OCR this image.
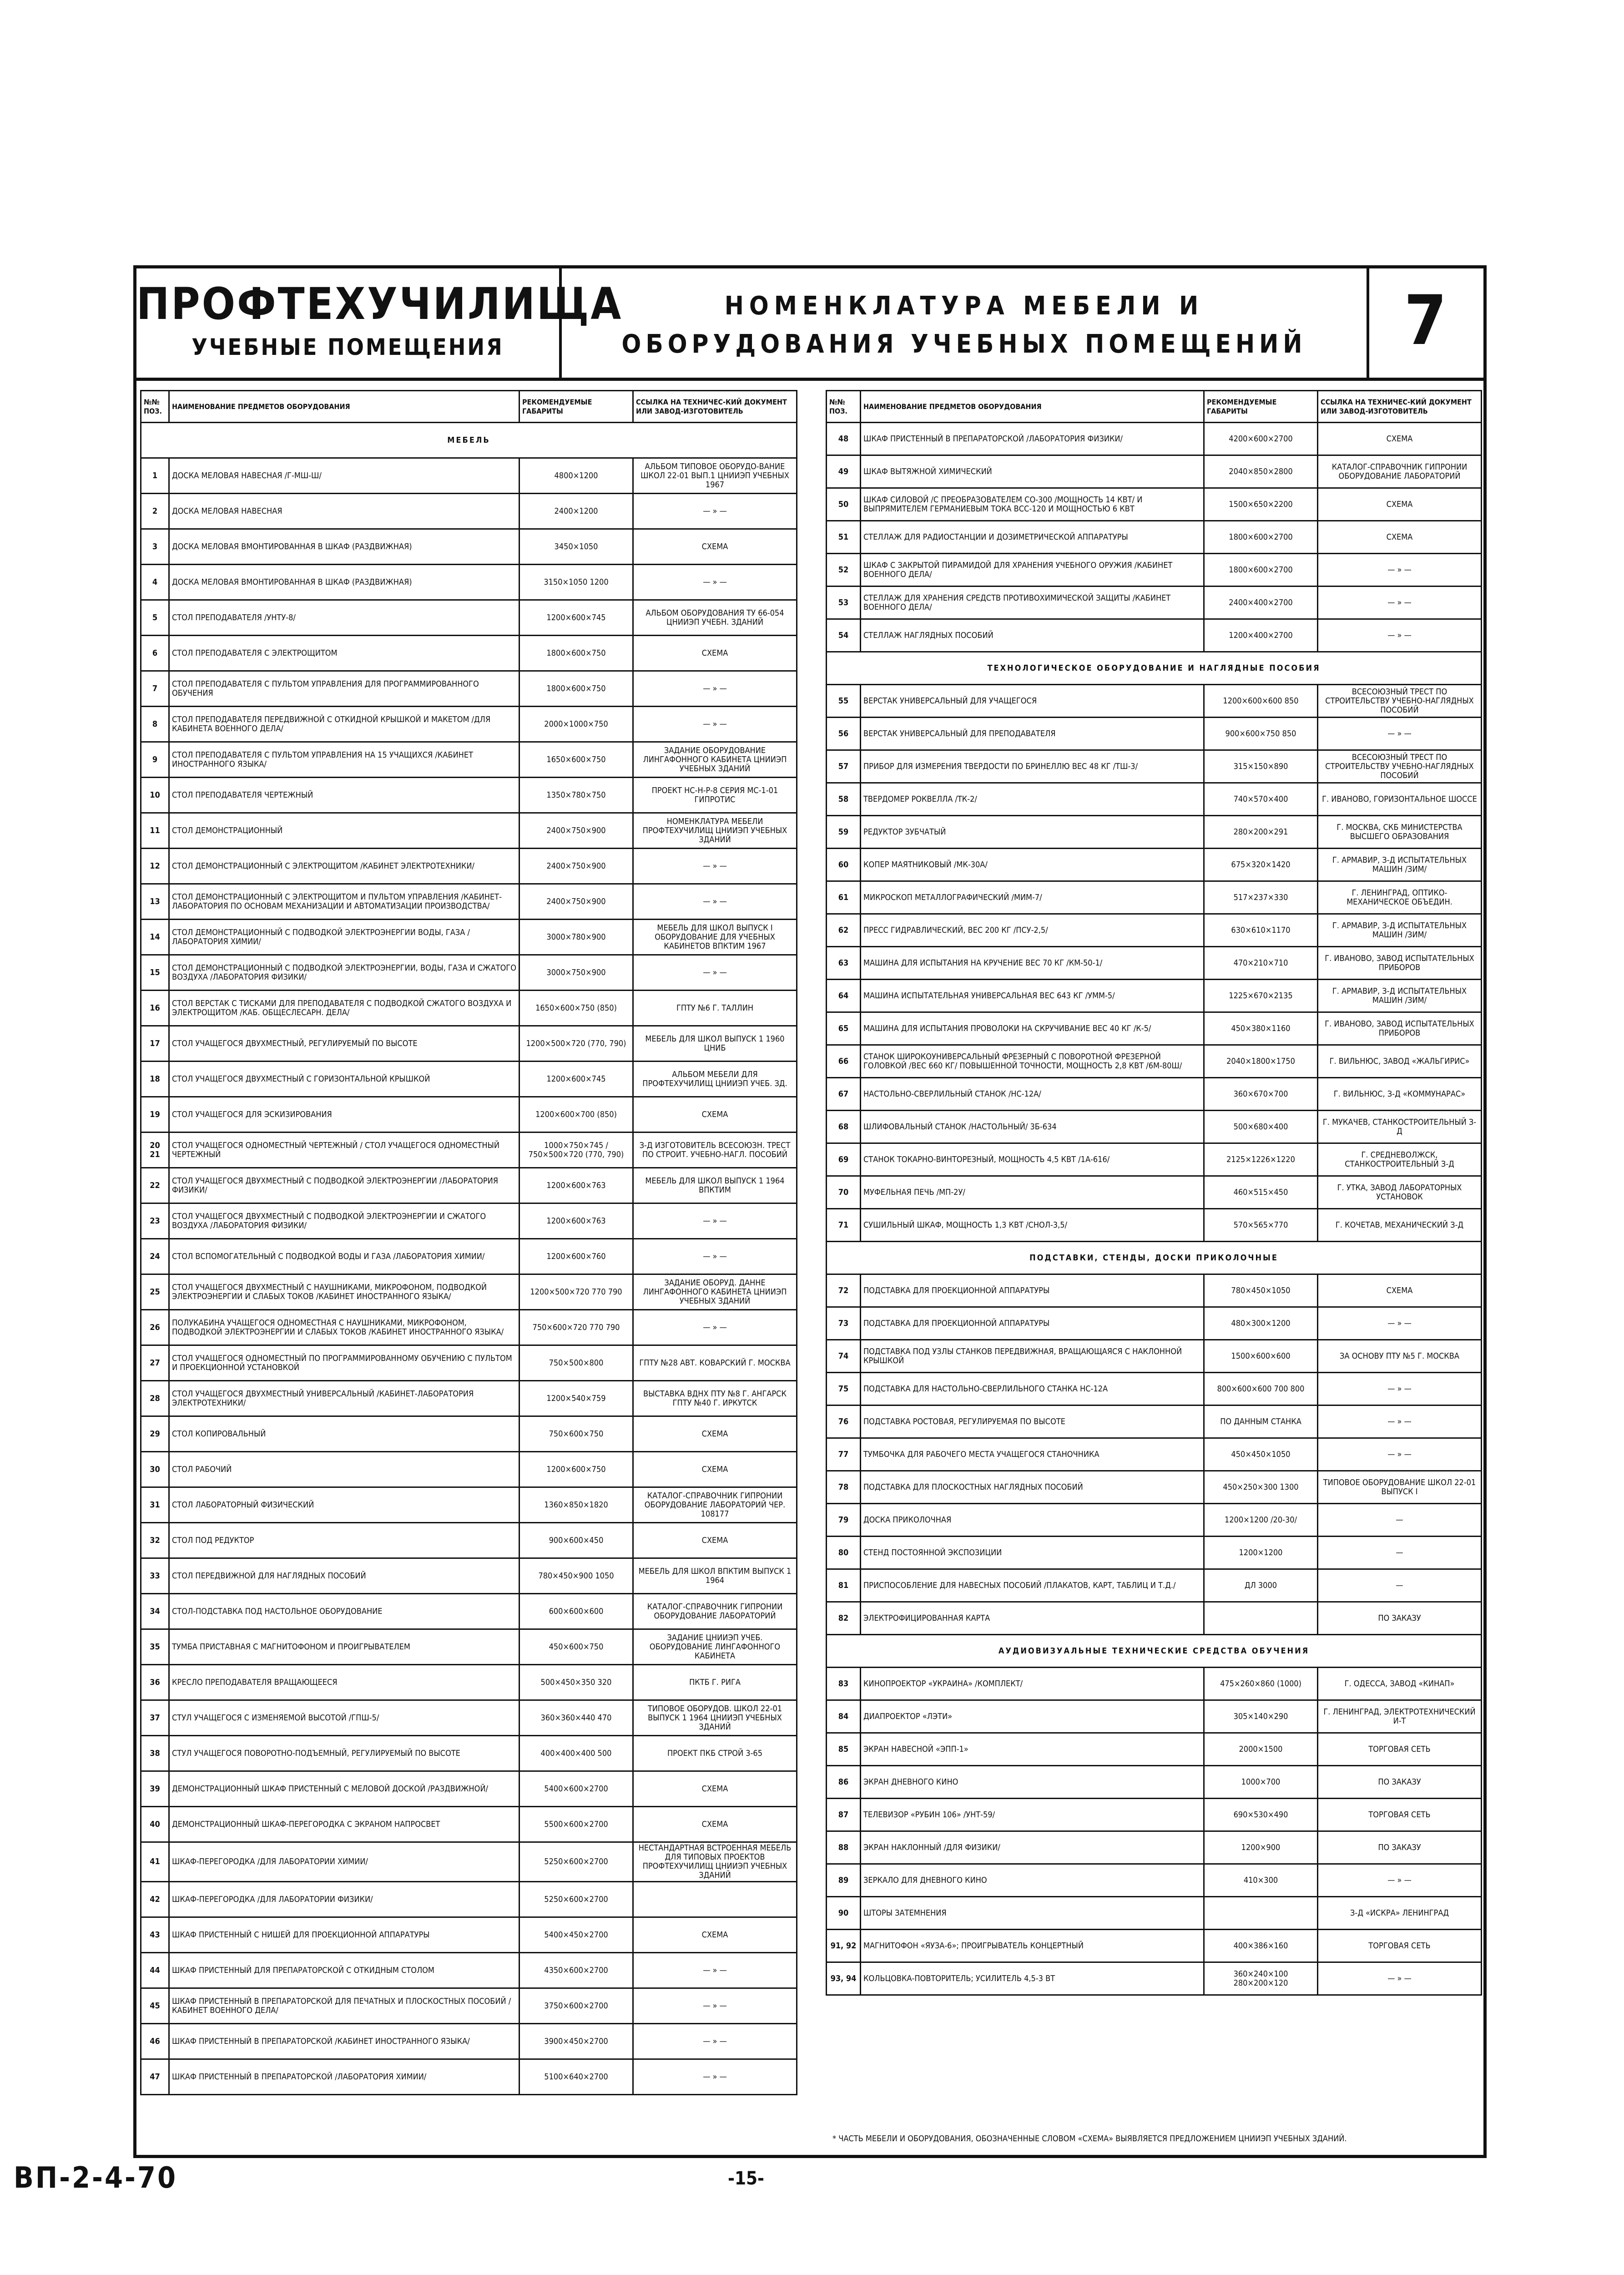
ПРОФТЕХУЧИЛИЩА
УЧЕБНЫЕ ПОМЕЩЕНИЯ
НОМЕНКЛАТУРА МЕБЕЛИ И
ОБОРУДОВАНИЯ УЧЕБНЫХ ПОМЕЩЕНИЙ	7
№№ ПОЗ.	НАИМЕНОВАНИЕ ПРЕДМЕТОВ ОБОРУДОВАНИЯ	РЕКОМЕНДУЕМЫЕ ГАБАРИТЫ	ССЫЛКА НА ТЕХНИЧЕС-КИЙ ДОКУМЕНТ ИЛИ ЗАВОД-ИЗГОТОВИТЕЛЬ
МЕБЕЛЬ			
1	ДОСКА МЕЛОВАЯ НАВЕСНАЯ /Г-МШ-Ш/	4800×1200	АЛЬБОМ ТИПОВОЕ ОБОРУДО-ВАНИЕ ШКОЛ 22-01 ВЫП.1 ЦНИИЭП УЧЕБНЫХ 1967
2	ДОСКА МЕЛОВАЯ НАВЕСНАЯ	2400×1200	— » —
3	ДОСКА МЕЛОВАЯ ВМОНТИРОВАННАЯ В ШКАФ (РАЗДВИЖНАЯ)	3450×1050	СХЕМА
4	ДОСКА МЕЛОВАЯ ВМОНТИРОВАННАЯ В ШКАФ (РАЗДВИЖНАЯ)	3150×1050 1200	— » —
5	СТОЛ ПРЕПОДАВАТЕЛЯ /УНТУ-8/	1200×600×745	АЛЬБОМ ОБОРУДОВАНИЯ ТУ 66-054 ЦНИИЭП УЧЕБН. ЗДАНИЙ
6	СТОЛ ПРЕПОДАВАТЕЛЯ С ЭЛЕКТРОЩИТОМ	1800×600×750	СХЕМА
7	СТОЛ ПРЕПОДАВАТЕЛЯ С ПУЛЬТОМ УПРАВЛЕНИЯ ДЛЯ ПРОГРАММИРОВАННОГО ОБУЧЕНИЯ	1800×600×750	— » —
8	СТОЛ ПРЕПОДАВАТЕЛЯ ПЕРЕДВИЖНОЙ С ОТКИДНОЙ КРЫШКОЙ И МАКЕТОМ /ДЛЯ КАБИНЕТА ВОЕННОГО ДЕЛА/	2000×1000×750	— » —
9	СТОЛ ПРЕПОДАВАТЕЛЯ С ПУЛЬТОМ УПРАВЛЕНИЯ НА 15 УЧАЩИХСЯ /КАБИНЕТ ИНОСТРАННОГО ЯЗЫКА/	1650×600×750	ЗАДАНИЕ ОБОРУДОВАНИЕ ЛИНГАФОННОГО КАБИНЕТА ЦНИИЭП УЧЕБНЫХ ЗДАНИЙ
10	СТОЛ ПРЕПОДАВАТЕЛЯ ЧЕРТЕЖНЫЙ	1350×780×750	ПРОЕКТ НС-Н-Р-8 СЕРИЯ МС-1-01 ГИПРОТИС
11	СТОЛ ДЕМОНСТРАЦИОННЫЙ	2400×750×900	НОМЕНКЛАТУРА МЕБЕЛИ ПРОФТЕХУЧИЛИЩ ЦНИИЭП УЧЕБНЫХ ЗДАНИЙ
12	СТОЛ ДЕМОНСТРАЦИОННЫЙ С ЭЛЕКТРОЩИТОМ /КАБИНЕТ ЭЛЕКТРОТЕХНИКИ/	2400×750×900	— » —
13	СТОЛ ДЕМОНСТРАЦИОННЫЙ С ЭЛЕКТРОЩИТОМ И ПУЛЬТОМ УПРАВЛЕНИЯ /КАБИНЕТ-ЛАБОРАТОРИЯ ПО ОСНОВАМ МЕХАНИЗАЦИИ И АВТОМАТИЗАЦИИ ПРОИЗВОДСТВА/	2400×750×900	— » —
14	СТОЛ ДЕМОНСТРАЦИОННЫЙ С ПОДВОДКОЙ ЭЛЕКТРОЭНЕРГИИ ВОДЫ, ГАЗА /ЛАБОРАТОРИЯ ХИМИИ/	3000×780×900	МЕБЕЛЬ ДЛЯ ШКОЛ ВЫПУСК I ОБОРУДОВАНИЕ ДЛЯ УЧЕБНЫХ КАБИНЕТОВ ВПКТИМ 1967
15	СТОЛ ДЕМОНСТРАЦИОННЫЙ С ПОДВОДКОЙ ЭЛЕКТРОЭНЕРГИИ, ВОДЫ, ГАЗА И СЖАТОГО ВОЗДУХА /ЛАБОРАТОРИЯ ФИЗИКИ/	3000×750×900	— » —
16	СТОЛ ВЕРСТАК С ТИСКАМИ ДЛЯ ПРЕПОДАВАТЕЛЯ С ПОДВОДКОЙ СЖАТОГО ВОЗДУХА И ЭЛЕКТРОЩИТОМ /КАБ. ОБЩЕСЛЕСАРН. ДЕЛА/	1650×600×750 (850)	ГПТУ №6 Г. ТАЛЛИН
17	СТОЛ УЧАЩЕГОСЯ ДВУХМЕСТНЫЙ, РЕГУЛИРУЕМЫЙ ПО ВЫСОТЕ	1200×500×720 (770, 790)	МЕБЕЛЬ ДЛЯ ШКОЛ ВЫПУСК 1 1960 ЦНИБ
18	СТОЛ УЧАЩЕГОСЯ ДВУХМЕСТНЫЙ С ГОРИЗОНТАЛЬНОЙ КРЫШКОЙ	1200×600×745	АЛЬБОМ МЕБЕЛИ ДЛЯ ПРОФТЕХУЧИЛИЩ ЦНИИЭП УЧЕБ. ЗД.
19	СТОЛ УЧАЩЕГОСЯ ДЛЯ ЭСКИЗИРОВАНИЯ	1200×600×700 (850)	СХЕМА
20 21	СТОЛ УЧАЩЕГОСЯ ОДНОМЕСТНЫЙ ЧЕРТЕЖНЫЙ / СТОЛ УЧАЩЕГОСЯ ОДНОМЕСТНЫЙ ЧЕРТЕЖНЫЙ	1000×750×745 / 750×500×720 (770, 790)	З-Д ИЗГОТОВИТЕЛЬ ВСЕСОЮЗН. ТРЕСТ ПО СТРОИТ. УЧЕБНО-НАГЛ. ПОСОБИЙ
22	СТОЛ УЧАЩЕГОСЯ ДВУХМЕСТНЫЙ С ПОДВОДКОЙ ЭЛЕКТРОЭНЕРГИИ /ЛАБОРАТОРИЯ ФИЗИКИ/	1200×600×763	МЕБЕЛЬ ДЛЯ ШКОЛ ВЫПУСК 1 1964 ВПКТИМ
23	СТОЛ УЧАЩЕГОСЯ ДВУХМЕСТНЫЙ С ПОДВОДКОЙ ЭЛЕКТРОЭНЕРГИИ И СЖАТОГО ВОЗДУХА /ЛАБОРАТОРИЯ ФИЗИКИ/	1200×600×763	— » —
24	СТОЛ ВСПОМОГАТЕЛЬНЫЙ С ПОДВОДКОЙ ВОДЫ И ГАЗА /ЛАБОРАТОРИЯ ХИМИИ/	1200×600×760	— » —
25	СТОЛ УЧАЩЕГОСЯ ДВУХМЕСТНЫЙ С НАУШНИКАМИ, МИКРОФОНОМ, ПОДВОДКОЙ ЭЛЕКТРОЭНЕРГИИ И СЛАБЫХ ТОКОВ /КАБИНЕТ ИНОСТРАННОГО ЯЗЫКА/	1200×500×720 770 790	ЗАДАНИЕ ОБОРУД. ДАННЕ ЛИНГАФОННОГО КАБИНЕТА ЦНИИЭП УЧЕБНЫХ ЗДАНИЙ
26	ПОЛУКАБИНА УЧАЩЕГОСЯ ОДНОМЕСТНАЯ С НАУШНИКАМИ, МИКРОФОНОМ, ПОДВОДКОЙ ЭЛЕКТРОЭНЕРГИИ И СЛАБЫХ ТОКОВ /КАБИНЕТ ИНОСТРАННОГО ЯЗЫКА/	750×600×720 770 790	— » —
27	СТОЛ УЧАЩЕГОСЯ ОДНОМЕСТНЫЙ ПО ПРОГРАММИРОВАННОМУ ОБУЧЕНИЮ С ПУЛЬТОМ И ПРОЕКЦИОННОЙ УСТАНОВКОЙ	750×500×800	ГПТУ №28 АВТ. КОВАРСКИЙ Г. МОСКВА
28	СТОЛ УЧАЩЕГОСЯ ДВУХМЕСТНЫЙ УНИВЕРСАЛЬНЫЙ /КАБИНЕТ-ЛАБОРАТОРИЯ ЭЛЕКТРОТЕХНИКИ/	1200×540×759	ВЫСТАВКА ВДНХ ПТУ №8 Г. АНГАРСК ГПТУ №40 Г. ИРКУТСК
29	СТОЛ КОПИРОВАЛЬНЫЙ	750×600×750	СХЕМА
30	СТОЛ РАБОЧИЙ	1200×600×750	СХЕМА
31	СТОЛ ЛАБОРАТОРНЫЙ ФИЗИЧЕСКИЙ	1360×850×1820	КАТАЛОГ-СПРАВОЧНИК ГИПРОНИИ ОБОРУДОВАНИЕ ЛАБОРАТОРИЙ ЧЕР. 108177
32	СТОЛ ПОД РЕДУКТОР	900×600×450	СХЕМА
33	СТОЛ ПЕРЕДВИЖНОЙ ДЛЯ НАГЛЯДНЫХ ПОСОБИЙ	780×450×900 1050	МЕБЕЛЬ ДЛЯ ШКОЛ ВПКТИМ ВЫПУСК 1 1964
34	СТОЛ-ПОДСТАВКА ПОД НАСТОЛЬНОЕ ОБОРУДОВАНИЕ	600×600×600	КАТАЛОГ-СПРАВОЧНИК ГИПРОНИИ ОБОРУДОВАНИЕ ЛАБОРАТОРИЙ
35	ТУМБА ПРИСТАВНАЯ С МАГНИТОФОНОМ И ПРОИГРЫВАТЕЛЕМ	450×600×750	ЗАДАНИЕ ЦНИИЭП УЧЕБ. ОБОРУДОВАНИЕ ЛИНГАФОННОГО КАБИНЕТА
36	КРЕСЛО ПРЕПОДАВАТЕЛЯ ВРАЩАЮЩЕЕСЯ	500×450×350 320	ПКТБ Г. РИГА
37	СТУЛ УЧАЩЕГОСЯ С ИЗМЕНЯЕМОЙ ВЫСОТОЙ /ГПШ-5/	360×360×440 470	ТИПОВОЕ ОБОРУДОВ. ШКОЛ 22-01 ВЫПУСК 1 1964 ЦНИИЭП УЧЕБНЫХ ЗДАНИЙ
38	СТУЛ УЧАЩЕГОСЯ ПОВОРОТНО-ПОДЪЕМНЫЙ, РЕГУЛИРУЕМЫЙ ПО ВЫСОТЕ	400×400×400 500	ПРОЕКТ ПКБ СТРОЙ 3-65
39	ДЕМОНСТРАЦИОННЫЙ ШКАФ ПРИСТЕННЫЙ С МЕЛОВОЙ ДОСКОЙ /РАЗДВИЖНОЙ/	5400×600×2700	СХЕМА
40	ДЕМОНСТРАЦИОННЫЙ ШКАФ-ПЕРЕГОРОДКА С ЭКРАНОМ НАПРОСВЕТ	5500×600×2700	СХЕМА
41	ШКАФ-ПЕРЕГОРОДКА /ДЛЯ ЛАБОРАТОРИИ ХИМИИ/	5250×600×2700	НЕСТАНДАРТНАЯ ВСТРОЕННАЯ МЕБЕЛЬ ДЛЯ ТИПОВЫХ ПРОЕКТОВ ПРОФТЕХУЧИЛИЩ ЦНИИЭП УЧЕБНЫХ ЗДАНИЙ
42	ШКАФ-ПЕРЕГОРОДКА /ДЛЯ ЛАБОРАТОРИИ ФИЗИКИ/	5250×600×2700	
43	ШКАФ ПРИСТЕННЫЙ С НИШЕЙ ДЛЯ ПРОЕКЦИОННОЙ АППАРАТУРЫ	5400×450×2700	СХЕМА
44	ШКАФ ПРИСТЕННЫЙ ДЛЯ ПРЕПАРАТОРСКОЙ С ОТКИДНЫМ СТОЛОМ	4350×600×2700	— » —
45	ШКАФ ПРИСТЕННЫЙ В ПРЕПАРАТОРСКОЙ ДЛЯ ПЕЧАТНЫХ И ПЛОСКОСТНЫХ ПОСОБИЙ /КАБИНЕТ ВОЕННОГО ДЕЛА/	3750×600×2700	— » —
46	ШКАФ ПРИСТЕННЫЙ В ПРЕПАРАТОРСКОЙ /КАБИНЕТ ИНОСТРАННОГО ЯЗЫКА/	3900×450×2700	— » —
47	ШКАФ ПРИСТЕННЫЙ В ПРЕПАРАТОРСКОЙ /ЛАБОРАТОРИЯ ХИМИИ/	5100×640×2700	— » —
№№ ПОЗ.	НАИМЕНОВАНИЕ ПРЕДМЕТОВ ОБОРУДОВАНИЯ	РЕКОМЕНДУЕМЫЕ ГАБАРИТЫ	ССЫЛКА НА ТЕХНИЧЕС-КИЙ ДОКУМЕНТ ИЛИ ЗАВОД-ИЗГОТОВИТЕЛЬ
48	ШКАФ ПРИСТЕННЫЙ В ПРЕПАРАТОРСКОЙ /ЛАБОРАТОРИЯ ФИЗИКИ/	4200×600×2700	СХЕМА
49	ШКАФ ВЫТЯЖНОЙ ХИМИЧЕСКИЙ	2040×850×2800	КАТАЛОГ-СПРАВОЧНИК ГИПРОНИИ ОБОРУДОВАНИЕ ЛАБОРАТОРИЙ
50	ШКАФ СИЛОВОЙ /С ПРЕОБРАЗОВАТЕЛЕМ СО-300 /МОЩНОСТЬ 14 КВТ/ И ВЫПРЯМИТЕЛЕМ ГЕРМАНИЕВЫМ ТОКА ВСС-120 И МОЩНОСТЬЮ 6 КВТ	1500×650×2200	СХЕМА
51	СТЕЛЛАЖ ДЛЯ РАДИОСТАНЦИИ И ДОЗИМЕТРИЧЕСКОЙ АППАРАТУРЫ	1800×600×2700	СХЕМА
52	ШКАФ С ЗАКРЫТОЙ ПИРАМИДОЙ ДЛЯ ХРАНЕНИЯ УЧЕБНОГО ОРУЖИЯ /КАБИНЕТ ВОЕННОГО ДЕЛА/	1800×600×2700	— » —
53	СТЕЛЛАЖ ДЛЯ ХРАНЕНИЯ СРЕДСТВ ПРОТИВОХИМИЧЕСКОЙ ЗАЩИТЫ /КАБИНЕТ ВОЕННОГО ДЕЛА/	2400×400×2700	— » —
54	СТЕЛЛАЖ НАГЛЯДНЫХ ПОСОБИЙ	1200×400×2700	— » —
ТЕХНОЛОГИЧЕСКОЕ ОБОРУДОВАНИЕ И НАГЛЯДНЫЕ ПОСОБИЯ			
55	ВЕРСТАК УНИВЕРСАЛЬНЫЙ ДЛЯ УЧАЩЕГОСЯ	1200×600×600 850	ВСЕСОЮЗНЫЙ ТРЕСТ ПО СТРОИТЕЛЬСТВУ УЧЕБНО-НАГЛЯДНЫХ ПОСОБИЙ
56	ВЕРСТАК УНИВЕРСАЛЬНЫЙ ДЛЯ ПРЕПОДАВАТЕЛЯ	900×600×750 850	— » —
57	ПРИБОР ДЛЯ ИЗМЕРЕНИЯ ТВЕРДОСТИ ПО БРИНЕЛЛЮ ВЕС 48 КГ /ТШ-3/	315×150×890	ВСЕСОЮЗНЫЙ ТРЕСТ ПО СТРОИТЕЛЬСТВУ УЧЕБНО-НАГЛЯДНЫХ ПОСОБИЙ
58	ТВЕРДОМЕР РОКВЕЛЛА /ТК-2/	740×570×400	Г. ИВАНОВО, ГОРИЗОНТАЛЬНОЕ ШОССЕ
59	РЕДУКТОР ЗУБЧАТЫЙ	280×200×291	Г. МОСКВА, СКБ МИНИСТЕРСТВА ВЫСШЕГО ОБРАЗОВАНИЯ
60	КОПЕР МАЯТНИКОВЫЙ /МК-30А/	675×320×1420	Г. АРМАВИР, З-Д ИСПЫТАТЕЛЬНЫХ МАШИН /ЗИМ/
61	МИКРОСКОП МЕТАЛЛОГРАФИЧЕСКИЙ /МИМ-7/	517×237×330	Г. ЛЕНИНГРАД, ОПТИКО-МЕХАНИЧЕСКОЕ ОБЪЕДИН.
62	ПРЕСС ГИДРАВЛИЧЕСКИЙ, ВЕС 200 КГ /ПСУ-2,5/	630×610×1170	Г. АРМАВИР, З-Д ИСПЫТАТЕЛЬНЫХ МАШИН /ЗИМ/
63	МАШИНА ДЛЯ ИСПЫТАНИЯ НА КРУЧЕНИЕ ВЕС 70 КГ /КМ-50-1/	470×210×710	Г. ИВАНОВО, ЗАВОД ИСПЫТАТЕЛЬНЫХ ПРИБОРОВ
64	МАШИНА ИСПЫТАТЕЛЬНАЯ УНИВЕРСАЛЬНАЯ ВЕС 643 КГ /УММ-5/	1225×670×2135	Г. АРМАВИР, З-Д ИСПЫТАТЕЛЬНЫХ МАШИН /ЗИМ/
65	МАШИНА ДЛЯ ИСПЫТАНИЯ ПРОВОЛОКИ НА СКРУЧИВАНИЕ ВЕС 40 КГ /К-5/	450×380×1160	Г. ИВАНОВО, ЗАВОД ИСПЫТАТЕЛЬНЫХ ПРИБОРОВ
66	СТАНОК ШИРОКОУНИВЕРСАЛЬНЫЙ ФРЕЗЕРНЫЙ С ПОВОРОТНОЙ ФРЕЗЕРНОЙ ГОЛОВКОЙ /ВЕС 660 КГ/ ПОВЫШЕННОЙ ТОЧНОСТИ, МОЩНОСТЬ 2,8 КВТ /6М-80Ш/	2040×1800×1750	Г. ВИЛЬНЮС, ЗАВОД «ЖАЛЬГИРИС»
67	НАСТОЛЬНО-СВЕРЛИЛЬНЫЙ СТАНОК /НС-12А/	360×670×700	Г. ВИЛЬНЮС, З-Д «КОММУНАРАС»
68	ШЛИФОВАЛЬНЫЙ СТАНОК /НАСТОЛЬНЫЙ/ 3Б-634	500×680×400	Г. МУКАЧЕВ, СТАНКОСТРОИТЕЛЬНЫЙ З-Д
69	СТАНОК ТОКАРНО-ВИНТОРЕЗНЫЙ, МОЩНОСТЬ 4,5 КВТ /1А-616/	2125×1226×1220	Г. СРЕДНЕВОЛЖСК, СТАНКОСТРОИТЕЛЬНЫЙ З-Д
70	МУФЕЛЬНАЯ ПЕЧЬ /МП-2У/	460×515×450	Г. УТКА, ЗАВОД ЛАБОРАТОРНЫХ УСТАНОВОК
71	СУШИЛЬНЫЙ ШКАФ, МОЩНОСТЬ 1,3 КВТ /СНОЛ-3,5/	570×565×770	Г. КОЧЕТАВ, МЕХАНИЧЕСКИЙ З-Д
ПОДСТАВКИ, СТЕНДЫ, ДОСКИ ПРИКОЛОЧНЫЕ			
72	ПОДСТАВКА ДЛЯ ПРОЕКЦИОННОЙ АППАРАТУРЫ	780×450×1050	СХЕМА
73	ПОДСТАВКА ДЛЯ ПРОЕКЦИОННОЙ АППАРАТУРЫ	480×300×1200	— » —
74	ПОДСТАВКА ПОД УЗЛЫ СТАНКОВ ПЕРЕДВИЖНАЯ, ВРАЩАЮЩАЯСЯ С НАКЛОННОЙ КРЫШКОЙ	1500×600×600	ЗА ОСНОВУ ПТУ №5 Г. МОСКВА
75	ПОДСТАВКА ДЛЯ НАСТОЛЬНО-СВЕРЛИЛЬНОГО СТАНКА НС-12А	800×600×600 700 800	— » —
76	ПОДСТАВКА РОСТОВАЯ, РЕГУЛИРУЕМАЯ ПО ВЫСОТЕ	ПО ДАННЫМ СТАНКА	— » —
77	ТУМБОЧКА ДЛЯ РАБОЧЕГО МЕСТА УЧАЩЕГОСЯ СТАНОЧНИКА	450×450×1050	— » —
78	ПОДСТАВКА ДЛЯ ПЛОСКОСТНЫХ НАГЛЯДНЫХ ПОСОБИЙ	450×250×300 1300	ТИПОВОЕ ОБОРУДОВАНИЕ ШКОЛ 22-01 ВЫПУСК I
79	ДОСКА ПРИКОЛОЧНАЯ	1200×1200 /20-30/	—
80	СТЕНД ПОСТОЯННОЙ ЭКСПОЗИЦИИ	1200×1200	—
81	ПРИСПОСОБЛЕНИЕ ДЛЯ НАВЕСНЫХ ПОСОБИЙ /ПЛАКАТОВ, КАРТ, ТАБЛИЦ И Т.Д./	ДЛ 3000	—
82	ЭЛЕКТРОФИЦИРОВАННАЯ КАРТА		ПО ЗАКАЗУ
АУДИОВИЗУАЛЬНЫЕ ТЕХНИЧЕСКИЕ СРЕДСТВА ОБУЧЕНИЯ			
83	КИНОПРОЕКТОР «УКРАИНА» /КОМПЛЕКТ/	475×260×860 (1000)	Г. ОДЕССА, ЗАВОД «КИНАП»
84	ДИАПРОЕКТОР «ЛЭТИ»	305×140×290	Г. ЛЕНИНГРАД, ЭЛЕКТРОТЕХНИЧЕСКИЙ И-Т
85	ЭКРАН НАВЕСНОЙ «ЭПП-1»	2000×1500	ТОРГОВАЯ СЕТЬ
86	ЭКРАН ДНЕВНОГО КИНО	1000×700	ПО ЗАКАЗУ
87	ТЕЛЕВИЗОР «РУБИН 106» /УНТ-59/	690×530×490	ТОРГОВАЯ СЕТЬ
88	ЭКРАН НАКЛОННЫЙ /ДЛЯ ФИЗИКИ/	1200×900	ПО ЗАКАЗУ
89	ЗЕРКАЛО ДЛЯ ДНЕВНОГО КИНО	410×300	— » —
90	ШТОРЫ ЗАТЕМНЕНИЯ		З-Д «ИСКРА» ЛЕНИНГРАД
91, 92	МАГНИТОФОН «ЯУЗА-6»; ПРОИГРЫВАТЕЛЬ КОНЦЕРТНЫЙ	400×386×160	ТОРГОВАЯ СЕТЬ
93, 94	КОЛЬЦОВКА-ПОВТОРИТЕЛЬ; УСИЛИТЕЛЬ 4,5-3 ВТ	360×240×100 280×200×120	— » —
* ЧАСТЬ МЕБЕЛИ И ОБОРУДОВАНИЯ, ОБОЗНАЧЕННЫЕ СЛОВОМ «СХЕМА» ВЫЯВЛЯЕТСЯ ПРЕДЛОЖЕНИЕМ ЦНИИЭП УЧЕБНЫХ ЗДАНИЙ.
ВП-2-4-70	-15-
